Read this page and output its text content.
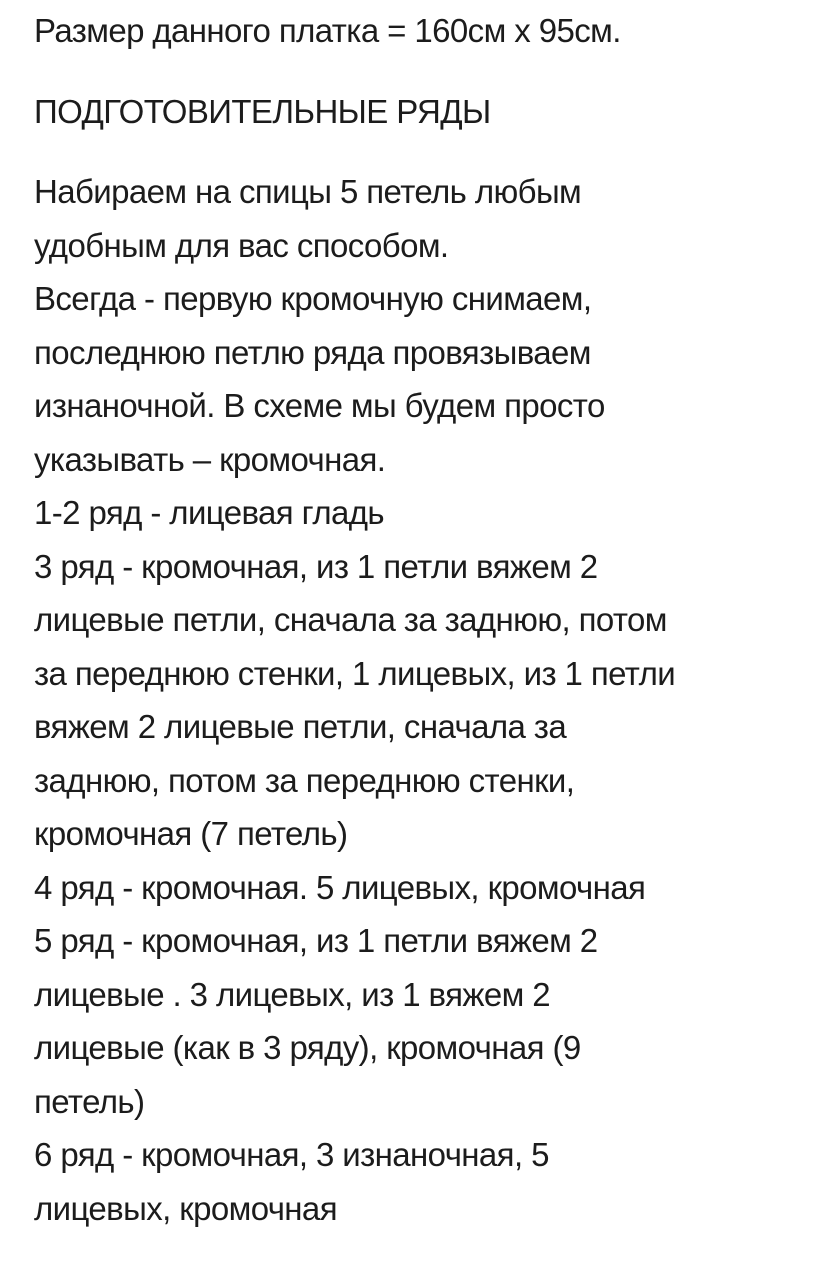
Размер данного платка = 160см х 95см.
ПОДГОТОВИТЕЛЬНЫЕ РЯДЫ
Набираем на спицы 5 петель любым
удобным для вас способом.
Всегда - первую кромочную снимаем,
последнюю петлю ряда провязываем
изнаночной. В схеме мы будем просто
указывать – кромочная.
1-2 ряд - лицевая гладь
3 ряд - кромочная, из 1 петли вяжем 2
лицевые петли, сначала за заднюю, потом
за переднюю стенки, 1 лицевых, из 1 петли
вяжем 2 лицевые петли, сначала за
заднюю, потом за переднюю стенки,
кромочная (7 петель)
4 ряд - кромочная. 5 лицевых, кромочная
5 ряд - кромочная, из 1 петли вяжем 2
лицевые . 3 лицевых, из 1 вяжем 2
лицевые (как в 3 ряду), кромочная (9
петель)
6 ряд - кромочная, 3 изнаночная, 5
лицевых, кромочная
